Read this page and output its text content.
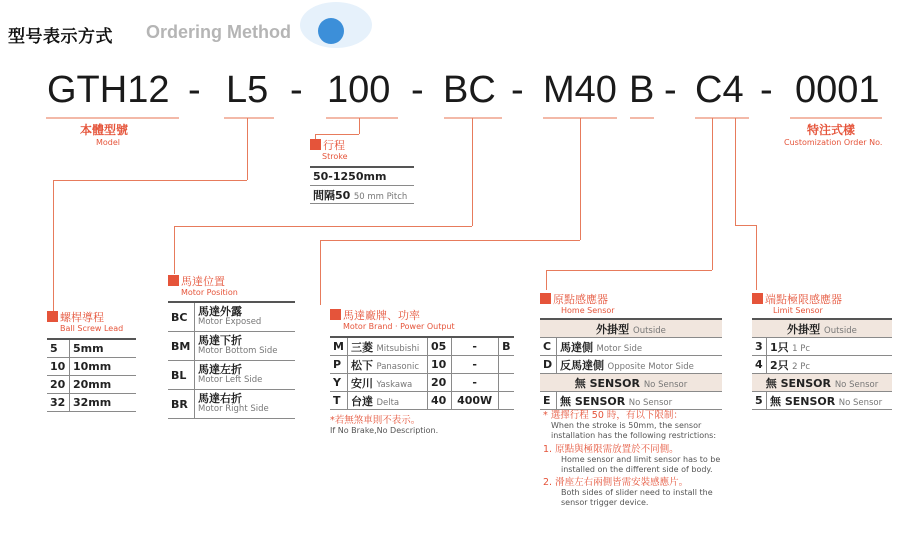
型号表示方式 Ordering Method
GTH12 - L5 - 100 - BC - M40 B - C4 - 0001
本體型號
Model
特注式樣
Customization Order No.
行程
Stroke
50-1250mm
間隔50 50 mm Pitch
螺桿導程
Ball Screw Lead
5	5mm
10	10mm
20	20mm
32	32mm
馬達位置
Motor Position
BC	馬達外露
Motor Exposed

BM	馬達下折
Motor Bottom Side

BL	馬達左折
Motor Left Side

BR	馬達右折
Motor Right Side
馬達廠牌、功率
Motor Brand · Power Output
M	三菱 Mitsubishi	05	-	B
P	松下 Panasonic	10	-	
Y	安川 Yaskawa	20	-	
T	台達 Delta	40	400W	
*若無煞車則不表示。
If No Brake,No Description.
原點感應器
Home Sensor
外掛型 Outside	
C	馬達側 Motor Side
D	反馬達側 Opposite Motor Side
無 SENSOR No Sensor	
E	無 SENSOR No Sensor
* 選擇行程 50 時，有以下限制：
When the stroke is 50mm, the sensor
installation has the following restrictions:
1. 原點與極限需放置於不同側。
Home sensor and limit sensor has to be
installed on the different side of body.
2. 滑座左右兩側皆需安裝感應片。
Both sides of slider need to install the
sensor trigger device.
端點極限感應器
Limit Sensor
外掛型 Outside	
3	1只 1 Pc
4	2只 2 Pc
無 SENSOR No Sensor	
5	無 SENSOR No Sensor
